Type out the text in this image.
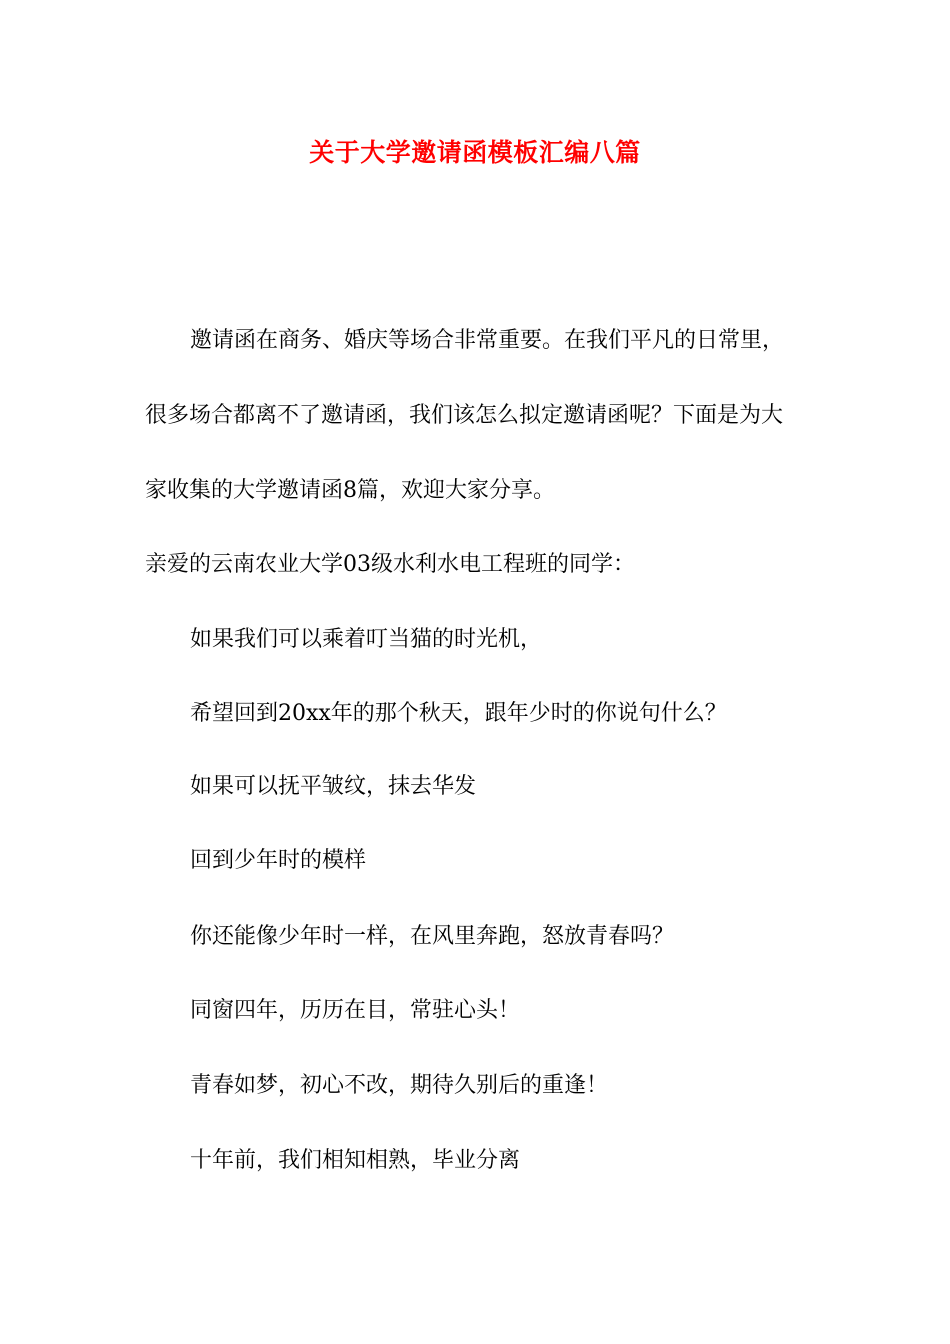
关于大学邀请函模板汇编八篇
邀请函在商务、婚庆等场合非常重要。在我们平凡的日常里，
很多场合都离不了邀请函，我们该怎么拟定邀请函呢？下面是为大
家收集的大学邀请函8篇，欢迎大家分享。
亲爱的云南农业大学03级水利水电工程班的同学：
如果我们可以乘着叮当猫的时光机，
希望回到20xx年的那个秋天，跟年少时的你说句什么？
如果可以抚平皱纹，抹去华发
回到少年时的模样
你还能像少年时一样，在风里奔跑，怒放青春吗？
同窗四年，历历在目，常驻心头！
青春如梦，初心不改，期待久别后的重逢！
十年前，我们相知相熟，毕业分离
